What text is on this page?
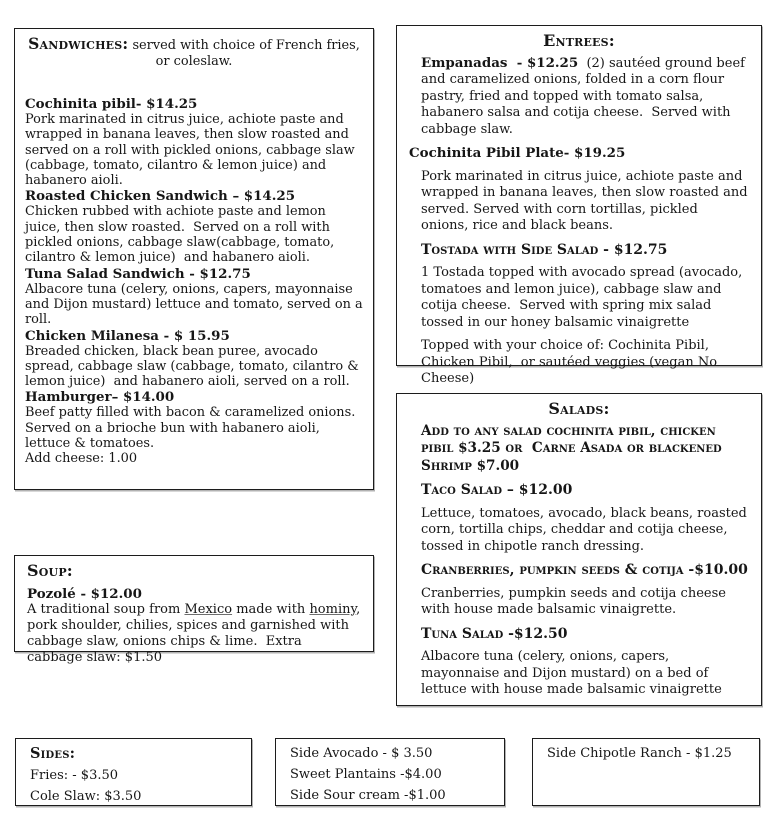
Sandwiches: served with choice of French fries, or coleslaw.

Cochinita pibil- $14.25

Pork marinated in citrus juice, achiote paste and wrapped in banana leaves, then slow roasted and served on a roll with pickled onions, cabbage slaw (cabbage, tomato, cilantro & lemon juice) and habanero aioli.

Roasted Chicken Sandwich – $14.25

Chicken rubbed with achiote paste and lemon juice, then slow roasted.  Served on a roll with pickled onions, cabbage slaw(cabbage, tomato, cilantro & lemon juice)  and habanero aioli.

Tuna Salad Sandwich - $12.75

Albacore tuna (celery, onions, capers, mayonnaise and Dijon mustard) lettuce and tomato, served on a roll.

Chicken Milanesa - $ 15.95

Breaded chicken, black bean puree, avocado spread, cabbage slaw (cabbage, tomato, cilantro & lemon juice)  and habanero aioli, served on a roll.

Hamburger– $14.00

Beef patty filled with bacon & caramelized onions. Served on a brioche bun with habanero aioli, lettuce & tomatoes.

Add cheese: 1.00

Entrees:

Empanadas  - $12.25  (2) sautéed ground beef and caramelized onions, folded in a corn flour pastry, fried and topped with tomato salsa, habanero salsa and cotija cheese.  Served with cabbage slaw.

Cochinita Pibil Plate- $19.25

Pork marinated in citrus juice, achiote paste and wrapped in banana leaves, then slow roasted and served. Served with corn tortillas, pickled onions, rice and black beans.

Tostada with Side Salad - $12.75

1 Tostada topped with avocado spread (avocado, tomatoes and lemon juice), cabbage slaw and cotija cheese.  Served with spring mix salad tossed in our honey balsamic vinaigrette

Topped with your choice of: Cochinita Pibil, Chicken Pibil,  or sautéed veggies (vegan No Cheese)

Salads:

Add to any salad cochinita pibil, chicken pibil $3.25 or  Carne Asada or blackened Shrimp $7.00

Taco Salad – $12.00

Lettuce, tomatoes, avocado, black beans, roasted corn, tortilla chips, cheddar and cotija cheese, tossed in chipotle ranch dressing.

Cranberries, pumpkin seeds & cotija -$10.00

Cranberries, pumpkin seeds and cotija cheese with house made balsamic vinaigrette.

Tuna Salad -$12.50

Albacore tuna (celery, onions, capers, mayonnaise and Dijon mustard) on a bed of lettuce with house made balsamic vinaigrette

Soup:

Pozolé - $12.00

A traditional soup from Mexico made with hominy, pork shoulder, chilies, spices and garnished with cabbage slaw, onions chips & lime.  Extra cabbage slaw: $1.50

Sides:

Fries: - $3.50

Cole Slaw: $3.50

Side Avocado - $ 3.50

Sweet Plantains -$4.00

Side Sour cream -$1.00

Side Chipotle Ranch - $1.25
